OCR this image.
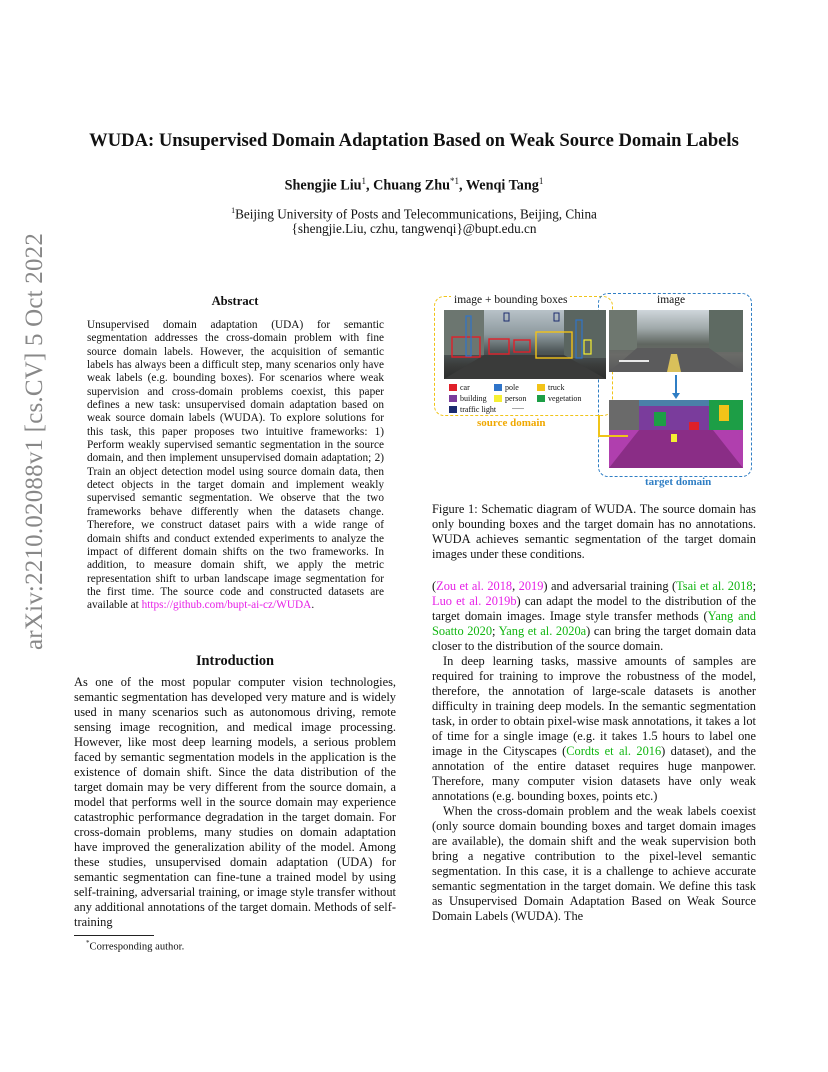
arXiv:2210.02088v1 [cs.CV] 5 Oct 2022
WUDA: Unsupervised Domain Adaptation Based on Weak Source Domain Labels
Shengjie Liu$^1$, Chuang Zhu$^{*1}$, Wenqi Tang$^1$
$^1$Beijing University of Posts and Telecommunications, Beijing, China
{shengjie.Liu, czhu, tangwenqi}@bupt.edu.cn
Abstract
Unsupervised domain adaptation (UDA) for semantic segmentation addresses the cross-domain problem with fine source domain labels. However, the acquisition of semantic labels has always been a difficult step, many scenarios only have weak labels (e.g. bounding boxes). For scenarios where weak supervision and cross-domain problems coexist, this paper defines a new task: unsupervised domain adaptation based on weak source domain labels (WUDA). To explore solutions for this task, this paper proposes two intuitive frameworks: 1) Perform weakly supervised semantic segmentation in the source domain, and then implement unsupervised domain adaptation; 2) Train an object detection model using source domain data, then detect objects in the target domain and implement weakly supervised semantic segmentation. We observe that the two frameworks behave differently when the datasets change. Therefore, we construct dataset pairs with a wide range of domain shifts and conduct extended experiments to analyze the impact of different domain shifts on the two frameworks. In addition, to measure domain shift, we apply the metric representation shift to urban landscape image segmentation for the first time. The source code and constructed datasets are available at https://github.com/bupt-ai-cz/WUDA.
Introduction
As one of the most popular computer vision technologies, semantic segmentation has developed very mature and is widely used in many scenarios such as autonomous driving, remote sensing image recognition, and medical image processing. However, like most deep learning models, a serious problem faced by semantic segmentation models in the application is the existence of domain shift. Since the data distribution of the target domain may be very different from the source domain, a model that performs well in the source domain may experience catastrophic performance degradation in the target domain. For cross-domain problems, many studies on domain adaptation have improved the generalization ability of the model. Among these studies, unsupervised domain adaptation (UDA) for semantic segmentation can fine-tune a trained model by using self-training, adversarial training, or image style transfer without any additional annotations of the target domain. Methods of self-training
*Corresponding author.
image + bounding boxes	image
car	pole	truck
building	person	vegetation
traffic light ......
source domain
target domain
Figure 1: Schematic diagram of WUDA. The source domain has only bounding boxes and the target domain has no annotations. WUDA achieves semantic segmentation of the target domain images under these conditions.

(Zou et al. 2018, 2019) and adversarial training (Tsai et al. 2018; Luo et al. 2019b) can adapt the model to the distribution of the target domain images. Image style transfer methods (Yang and Soatto 2020; Yang et al. 2020a) can bring the target domain data closer to the distribution of the source domain.

In deep learning tasks, massive amounts of samples are required for training to improve the robustness of the model, therefore, the annotation of large-scale datasets is another difficulty in training deep models. In the semantic segmentation task, in order to obtain pixel-wise mask annotations, it takes a lot of time for a single image (e.g. it takes 1.5 hours to label one image in the Cityscapes (Cordts et al. 2016) dataset), and the annotation of the entire dataset requires huge manpower. Therefore, many computer vision datasets have only weak annotations (e.g. bounding boxes, points etc.)

When the cross-domain problem and the weak labels coexist (only source domain bounding boxes and target domain images are available), the domain shift and the weak supervision both bring a negative contribution to the pixel-level semantic segmentation. In this case, it is a challenge to achieve accurate semantic segmentation in the target domain. We define this task as Unsupervised Domain Adaptation Based on Weak Source Domain Labels (WUDA). The
